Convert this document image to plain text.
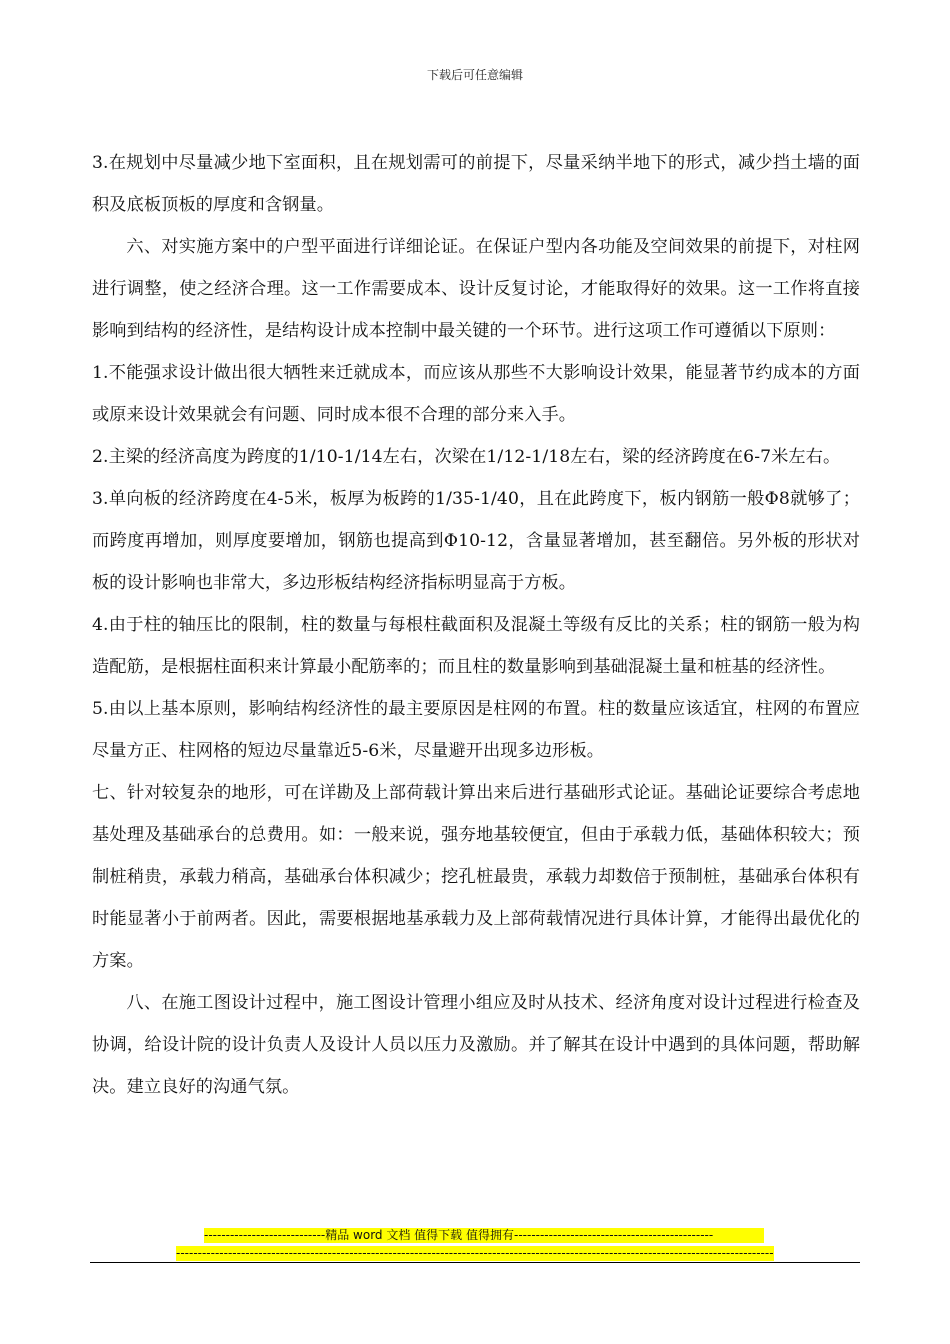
下载后可任意编辑

3.在规划中尽量减少地下室面积，且在规划需可的前提下，尽量采纳半地下的形式，减少挡土墙的面积及底板顶板的厚度和含钢量。

六、对实施方案中的户型平面进行详细论证。在保证户型内各功能及空间效果的前提下，对柱网进行调整，使之经济合理。这一工作需要成本、设计反复讨论，才能取得好的效果。这一工作将直接影响到结构的经济性，是结构设计成本控制中最关键的一个环节。进行这项工作可遵循以下原则：

1.不能强求设计做出很大牺牲来迁就成本，而应该从那些不大影响设计效果，能显著节约成本的方面或原来设计效果就会有问题、同时成本很不合理的部分来入手。

2.主梁的经济高度为跨度的1/10-1/14左右，次梁在1/12-1/18左右，梁的经济跨度在6-7米左右。

3.单向板的经济跨度在4-5米，板厚为板跨的1/35-1/40，且在此跨度下，板内钢筋一般Φ8就够了；而跨度再增加，则厚度要增加，钢筋也提高到Φ10-12，含量显著增加，甚至翻倍。另外板的形状对板的设计影响也非常大，多边形板结构经济指标明显高于方板。

4.由于柱的轴压比的限制，柱的数量与每根柱截面积及混凝土等级有反比的关系；柱的钢筋一般为构造配筋，是根据柱面积来计算最小配筋率的；而且柱的数量影响到基础混凝土量和桩基的经济性。

5.由以上基本原则，影响结构经济性的最主要原因是柱网的布置。柱的数量应该适宜，柱网的布置应尽量方正、柱网格的短边尽量靠近5-6米，尽量避开出现多边形板。

七、针对较复杂的地形，可在详勘及上部荷载计算出来后进行基础形式论证。基础论证要综合考虑地基处理及基础承台的总费用。如：一般来说，强夯地基较便宜，但由于承载力低，基础体积较大；预制桩稍贵，承载力稍高，基础承台体积减少；挖孔桩最贵，承载力却数倍于预制桩，基础承台体积有时能显著小于前两者。因此，需要根据地基承载力及上部荷载情况进行具体计算，才能得出最优化的方案。

八、在施工图设计过程中，施工图设计管理小组应及时从技术、经济角度对设计过程进行检查及协调，给设计院的设计负责人及设计人员以压力及激励。并了解其在设计中遇到的具体问题，帮助解决。建立良好的沟通气氛。

----------------------------精品 word 文档 值得下载 值得拥有----------------------------------------------
------------------------------------------------------------------------------------------------------------------------------------------
